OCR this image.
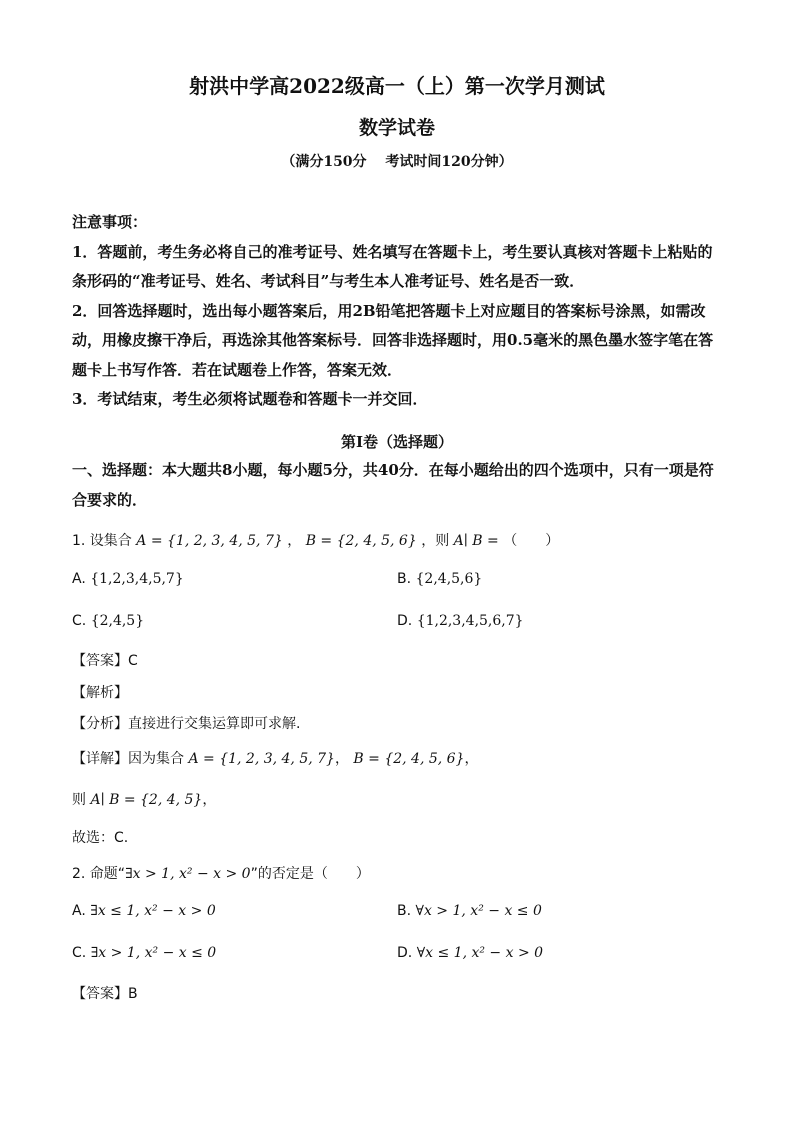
射洪中学高2022级高一（上）第一次学月测试
数学试卷
（满分150分　 考试时间120分钟）
注意事项：
1．答题前，考生务必将自己的准考证号、姓名填写在答题卡上，考生要认真核对答题卡上粘贴的条形码的“准考证号、姓名、考试科目”与考生本人准考证号、姓名是否一致．
2．回答选择题时，选出每小题答案后，用2B铅笔把答题卡上对应题目的答案标号涂黑，如需改动，用橡皮擦干净后，再选涂其他答案标号．回答非选择题时，用0.5毫米的黑色墨水签字笔在答题卡上书写作答．若在试题卷上作答，答案无效．
3．考试结束，考生必须将试题卷和答题卡一并交回．
第I卷（选择题）
一、选择题：本大题共8小题，每小题5分，共40分．在每小题给出的四个选项中，只有一项是符合要求的．
1. 设集合 A = {1, 2, 3, 4, 5, 7} ， B = {2, 4, 5, 6} ，则 A∣ B = （　　）
A. {1,2,3,4,5,7}	B. {2,4,5,6}
C. {2,4,5}	D. {1,2,3,4,5,6,7}
【答案】C
【解析】
【分析】直接进行交集运算即可求解.
【详解】因为集合 A = {1, 2, 3, 4, 5, 7}， B = {2, 4, 5, 6}，
则 A∣ B = {2, 4, 5}，
故选：C.
2. 命题“∃x > 1, x² − x > 0”的否定是（　　）
A. ∃x ≤ 1, x² − x > 0	B. ∀x > 1, x² − x ≤ 0
C. ∃x > 1, x² − x ≤ 0	D. ∀x ≤ 1, x² − x > 0
【答案】B
